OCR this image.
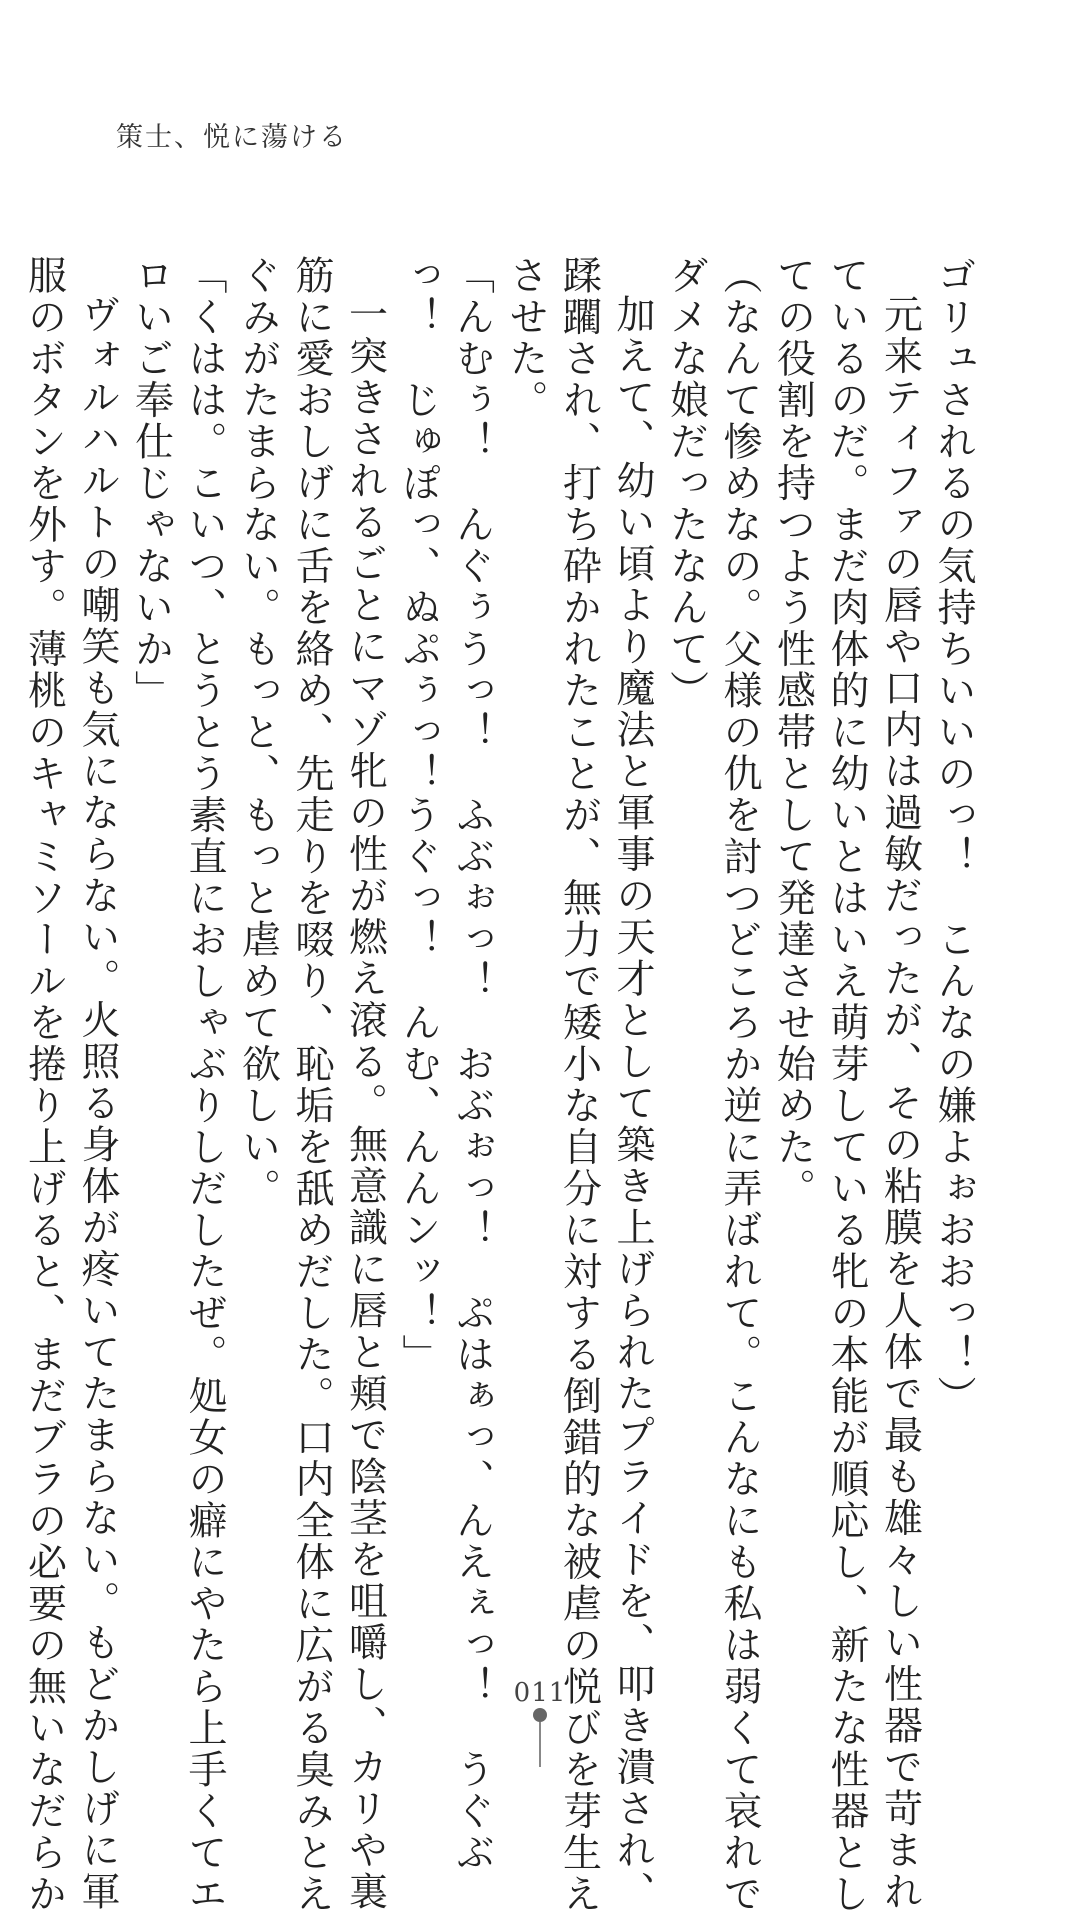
策士、悦に蕩ける

ゴリュされるの気持ちいいのっ！　こんなの嫌よぉおおっ！）

元来ティファの唇や口内は過敏だったが、その粘膜を人体で最も雄々しい性器で苛まれ

ているのだ。まだ肉体的に幼いとはいえ萌芽している牝の本能が順応し、新たな性器とし

ての役割を持つよう性感帯として発達させ始めた。

（なんて惨めなの。父様の仇を討つどころか逆に弄ばれて。こんなにも私は弱くて哀れで

ダメな娘だったなんて）

加えて、幼い頃より魔法と軍事の天才として築き上げられたプライドを、叩き潰され、

蹂躙され、打ち砕かれたことが、無力で矮小な自分に対する倒錯的な被虐の悦びを芽生え

させた。

「んむぅ！　んぐぅうっ！　ふぶぉっ！　おぶぉっ！　ぷはぁっ、んえぇっ！　うぐぶ

っ！　じゅぽっ、ぬぷぅっ！うぐっ！　んむ、んんンッ！」

一突きされるごとにマゾ牝の性が燃え滾る。無意識に唇と頬で陰茎を咀嚼し、カリや裏

筋に愛おしげに舌を絡め、先走りを啜り、恥垢を舐めだした。口内全体に広がる臭みとえ

ぐみがたまらない。もっと、もっと虐めて欲しい。

「くはは。こいつ、とうとう素直におしゃぶりしだしたぜ。処女の癖にやたら上手くてエ

ロいご奉仕じゃないか」

ヴォルハルトの嘲笑も気にならない。火照る身体が疼いてたまらない。もどかしげに軍

服のボタンを外す。薄桃のキャミソールを捲り上げると、まだブラの必要の無いなだらか	011
